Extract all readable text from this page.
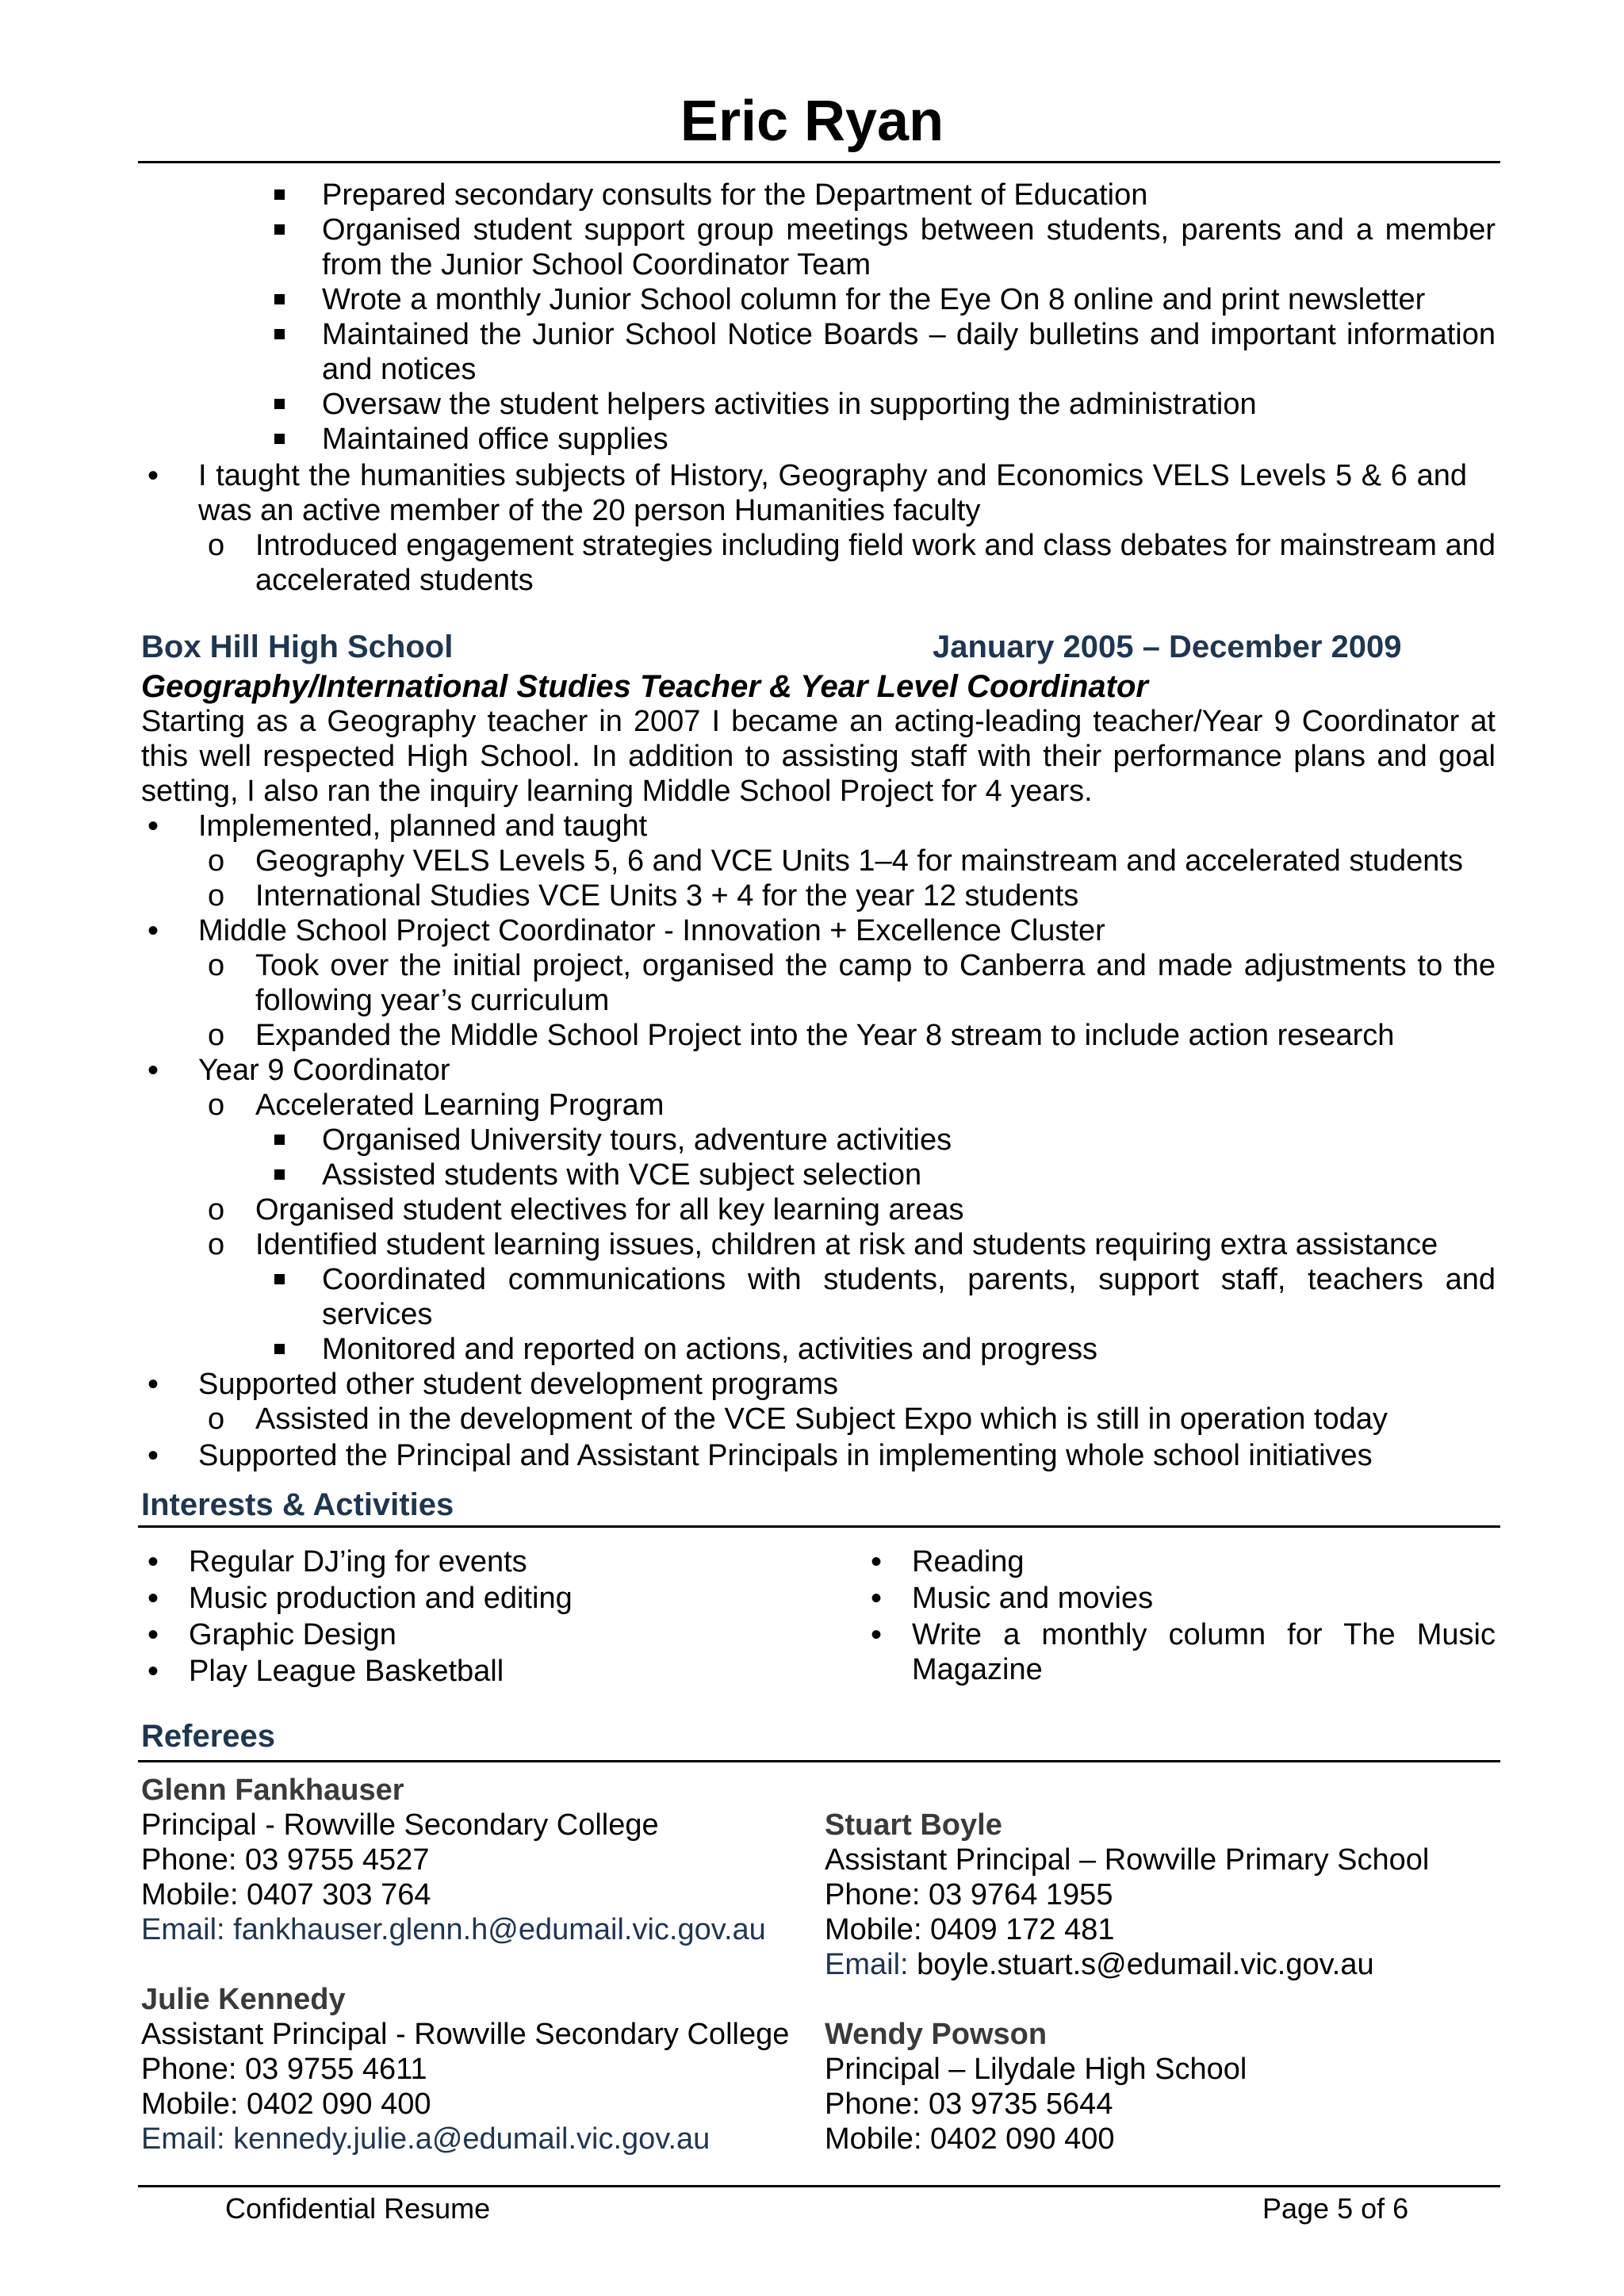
Eric Ryan
Prepared secondary consults for the Department of Education
Organised student support group meetings between students, parents and a member from the Junior School Coordinator Team
Wrote a monthly Junior School column for the Eye On 8 online and print newsletter
Maintained the Junior School Notice Boards – daily bulletins and important information and notices
Oversaw the student helpers activities in supporting the administration
Maintained office supplies
• I taught the humanities subjects of History, Geography and Economics VELS Levels 5 & 6 and was an active member of the 20 person Humanities faculty
o Introduced engagement strategies including field work and class debates for mainstream and accelerated students
Box Hill High School	January 2005 – December 2009
Geography/International Studies Teacher & Year Level Coordinator
Starting as a Geography teacher in 2007 I became an acting-leading teacher/Year 9 Coordinator at this well respected High School. In addition to assisting staff with their performance plans and goal setting, I also ran the inquiry learning Middle School Project for 4 years.
• Implemented, planned and taught
o Geography VELS Levels 5, 6 and VCE Units 1–4 for mainstream and accelerated students
o International Studies VCE Units 3 + 4 for the year 12 students
• Middle School Project Coordinator - Innovation + Excellence Cluster
o Took over the initial project, organised the camp to Canberra and made adjustments to the following year’s curriculum
o Expanded the Middle School Project into the Year 8 stream to include action research
• Year 9 Coordinator
o Accelerated Learning Program
Organised University tours, adventure activities
Assisted students with VCE subject selection
o Organised student electives for all key learning areas
o Identified student learning issues, children at risk and students requiring extra assistance
Coordinated communications with students, parents, support staff, teachers and services
Monitored and reported on actions, activities and progress
• Supported other student development programs
o Assisted in the development of the VCE Subject Expo which is still in operation today
• Supported the Principal and Assistant Principals in implementing whole school initiatives
Interests & Activities
• Regular DJ’ing for events
• Music production and editing
• Graphic Design
• Play League Basketball
• Reading
• Music and movies
• Write a monthly column for The Music Magazine
Referees
Glenn Fankhauser
Principal - Rowville Secondary College
Phone: 03 9755 4527
Mobile: 0407 303 764
Email: fankhauser.glenn.h@edumail.vic.gov.au
Julie Kennedy
Assistant Principal - Rowville Secondary College
Phone: 03 9755 4611
Mobile: 0402 090 400
Email: kennedy.julie.a@edumail.vic.gov.au
Stuart Boyle
Assistant Principal – Rowville Primary School
Phone: 03 9764 1955
Mobile: 0409 172 481
Email: boyle.stuart.s@edumail.vic.gov.au
Wendy Powson
Principal – Lilydale High School
Phone: 03 9735 5644
Mobile: 0402 090 400
Confidential Resume	Page 5 of 6
